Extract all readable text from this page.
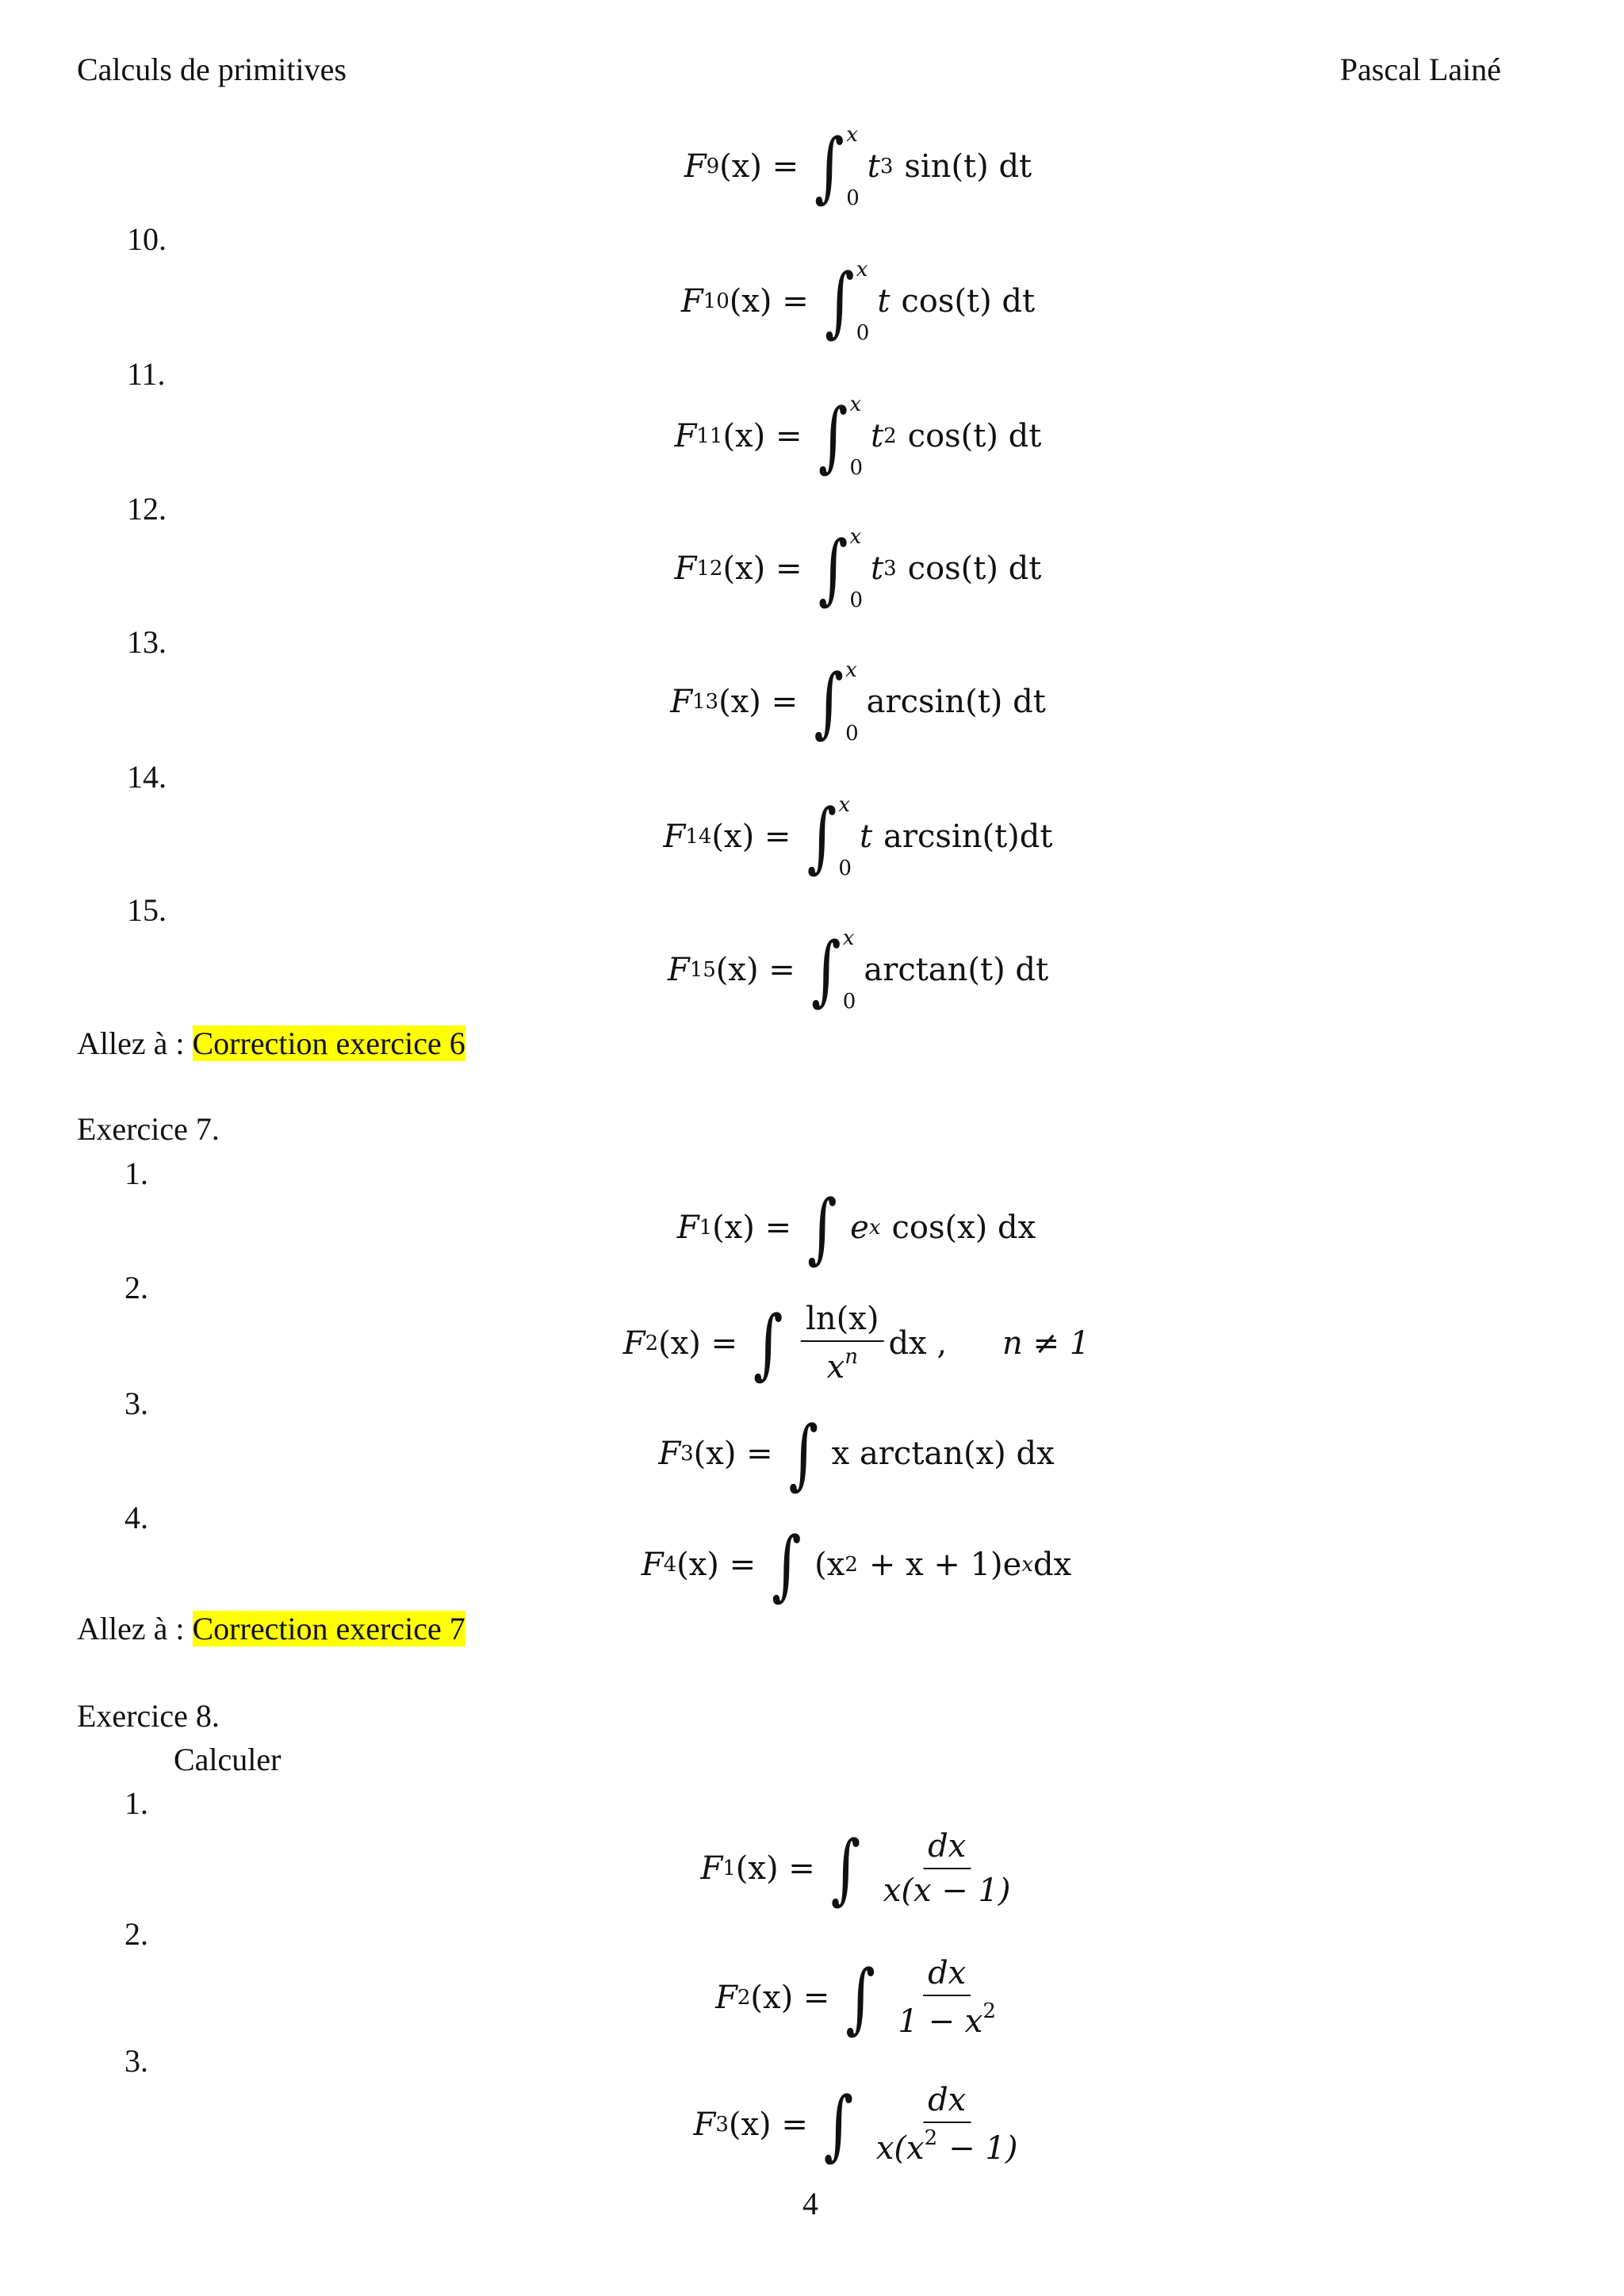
Calculs de primitives	Pascal Lainé
F 9 (x) = ∫ x
0
t 3 sin(t) dt
10.
F 10 (x) = ∫ x
0
t cos(t) dt
11.
F 11 (x) = ∫ x
0
t 2 cos(t) dt
12.
F 12 (x) = ∫ x
0
t 3 cos(t) dt
13.
F 13 (x) = ∫ x
0
arcsin(t) dt
14.
F 14 (x) = ∫ x
0
t arcsin(t)dt
15.
F 15 (x) = ∫ x
0
arctan(t) dt
Allez à : Correction exercice 6
Exercice 7.
1.
2.
3.
4.
F 1 (x) = ∫ e x cos(x) dx
F 2 (x) = ∫ $\frac{\ln(x)}{x^n}$ dx , n ≠ 1
F 3 (x) = ∫ x arctan(x) dx
F 4 (x) = ∫ (x 2 + x + 1)e x dx
Allez à : Correction exercice 7
Exercice 8.
Calculer
1.
2.
3.
F 1 (x) = ∫ $\frac{dx}{x(x - 1)}$
F 2 (x) = ∫ $\frac{dx}{1 - x^2}$
F 3 (x) = ∫ $\frac{dx}{x(x^2 - 1)}$
4
